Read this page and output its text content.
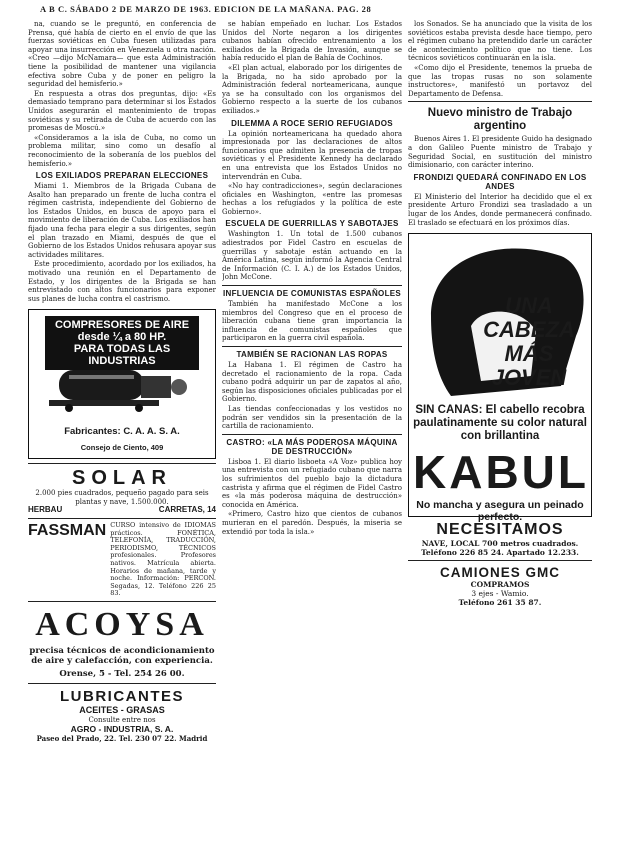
A B C. SÁBADO 2 DE MARZO DE 1963. EDICION DE LA MAÑANA. PAG. 28

na, cuando se le preguntó, en conferencia de Prensa, qué había de cierto en el envío de que las fuerzas soviéticas en Cuba fuesen utilizadas para apoyar una insurrección en Venezuela u otra nación. «Creo —dijo McNamara— que esta Administración tiene la posibilidad de mantener una vigilancia efectiva sobre Cuba y de poner en peligro la seguridad del hemisferio.»

En respuesta a otras dos preguntas, dijo: «Es demasiado temprano para determinar si los Estados Unidos asegurarán el mantenimiento de tropas soviéticas y su retirada de Cuba de acuerdo con las promesas de Moscú.»

«Consideramos a la isla de Cuba, no como un problema militar, sino como un desafío al reconocimiento de la soberanía de los pueblos del hemisferio.»

LOS EXILIADOS PREPARAN ELECCIONES

Miami 1. Miembros de la Brigada Cubana de Asalto han preparado un frente de lucha contra el régimen castrista, independiente del Gobierno de los Estados Unidos, en busca de apoyo para el movimiento de liberación de Cuba. Los exiliados han fijado una fecha para elegir a sus dirigentes, según el plan trazado en Miami, después de que el Gobierno de los Estados Unidos rehusara apoyar sus actividades militares.

Este procedimiento, acordado por los exiliados, ha motivado una reunión en el Departamento de Estado, y los dirigentes de la Brigada se han entrevistado con altos funcionarios para exponer sus planes de lucha contra el castrismo.

COMPRESORES DE AIRE
desde ¼ a 80 HP.
PARA TODAS LAS INDUSTRIAS
Fabricantes: C. A. A. S. A.
Consejo de Ciento, 409
SOLAR
2.000 pies cuadrados, pequeño pagado para seis plantas y nave, 1.500.000.
HERBAU	CARRETAS, 14
FASSMAN CURSO intensivo de IDIOMAS prácticos. FONÉTICA, TELEFONÍA, TRADUCCIÓN, PERIODISMO, TÉCNICOS profesionales. Profesores nativos. Matrícula abierta. Horarios de mañana, tarde y noche. Información: PERCON. Segadas, 12. Teléfono 226 25 83.
ACOYSA
precisa técnicos de acondicionamiento de aire y calefacción, con experiencia.
Orense, 5 - Tel. 254 26 00.
LUBRICANTES
ACEITES - GRASAS
Consulte entre nos
AGRO - INDUSTRIA, S. A.
Paseo del Prado, 22. Tel. 230 07 22. Madrid

se habían empeñado en luchar. Los Estados Unidos del Norte negaron a los dirigentes cubanos habían ofrecido entrenamiento a los exiliados de la Brigada de Invasión, aunque se había reducido el plan de Bahía de Cochinos.

«El plan actual, elaborado por los dirigentes de la Brigada, no ha sido aprobado por la Administración federal norteamericana, aunque ya se ha consultado con los organismos del Gobierno respecto a la suerte de los cubanos exiliados.»

DILEMMA A ROCE SERIO REFUGIADOS

La opinión norteamericana ha quedado ahora impresionada por las declaraciones de altos funcionarios que admiten la presencia de tropas soviéticas y el Presidente Kennedy ha declarado en una entrevista que los Estados Unidos no intervendrán en Cuba.

«No hay contradicciones», según declaraciones oficiales en Washington, «entre las promesas hechas a los refugiados y la política de este Gobierno».

ESCUELA DE GUERRILLAS Y SABOTAJES

Washington 1. Un total de 1.500 cubanos adiestrados por Fidel Castro en escuelas de guerrillas y sabotaje están actuando en la América Latina, según informó la Agencia Central de Información (C. I. A.) de los Estados Unidos, John McCone.

INFLUENCIA DE COMUNISTAS ESPAÑOLES

También ha manifestado McCone a los miembros del Congreso que en el proceso de liberación cubana tiene gran importancia la influencia de comunistas españoles que participaron en la guerra civil española.

TAMBIÉN SE RACIONAN LAS ROPAS

La Habana 1. El régimen de Castro ha decretado el racionamiento de la ropa. Cada cubano podrá adquirir un par de zapatos al año, según las disposiciones oficiales publicadas por el Gobierno.

Las tiendas confeccionadas y los vestidos no podrán ser vendidos sin la presentación de la cartilla de racionamiento.

CASTRO: «LA MÁS PODEROSA MÁQUINA DE DESTRUCCIÓN»

Lisboa 1. El diario lisboeta «A Voz» publica hoy una entrevista con un refugiado cubano que narra los sufrimientos del pueblo bajo la dictadura castrista y afirma que el régimen de Fidel Castro es «la más poderosa máquina de destrucción» conocida en América.

«Primero, Castro hizo que cientos de cubanos murieran en el paredón. Después, la miseria se extendió por toda la isla.»

los Sonados. Se ha anunciado que la visita de los soviéticos estaba prevista desde hace tiempo, pero el régimen cubano ha pretendido darle un carácter de acontecimiento político que no tiene. Los técnicos soviéticos continuarán en la isla.

«Como dijo el Presidente, tenemos la prueba de que las tropas rusas no son solamente instructores», manifestó un portavoz del Departamento de Defensa.

Nuevo ministro de Trabajo argentino

Buenos Aires 1. El presidente Guido ha designado a don Galileo Puente ministro de Trabajo y Seguridad Social, en sustitución del ministro dimisionario, con carácter interino.

FRONDIZI QUEDARÁ CONFINADO EN LOS ANDES

El Ministerio del Interior ha decidido que el ex presidente Arturo Frondizi sea trasladado a un lugar de los Andes, donde permanecerá confinado. El traslado se efectuará en los próximos días.

UNA
CABEZA
MÁS
JOVEN
SIN CANAS: El cabello recobra paulatinamente su color natural con brillantina
KABUL
No mancha y asegura un peinado perfecto.
NECESITAMOS
NAVE, LOCAL 700 metros cuadrados. Teléfono 226 85 24. Apartado 12.233.
CAMIONES GMC
COMPRAMOS
3 ejes - Wamio.
Teléfono 261 35 87.
